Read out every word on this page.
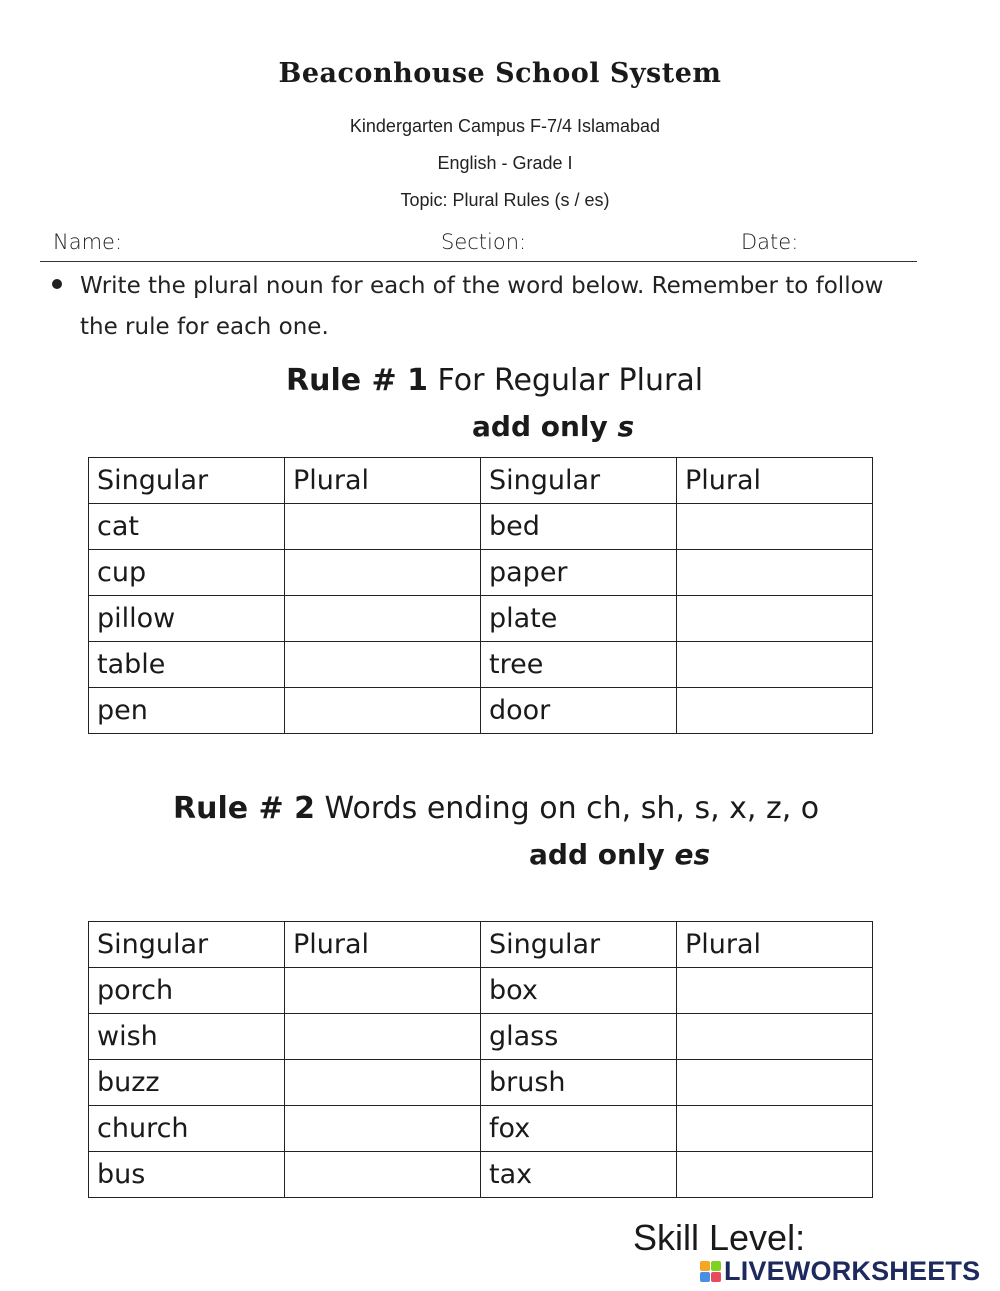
Beaconhouse School System
Kindergarten Campus F-7/4 Islamabad
English - Grade I
Topic: Plural Rules (s / es)
Name:	Section:	Date:
Write the plural noun for each of the word below. Remember to follow the rule for each one.
Rule # 1 For Regular Plural
add only s
Singular	Plural	Singular	Plural
cat		bed	
cup		paper	
pillow		plate	
table		tree	
pen		door	
Rule # 2 Words ending on ch, sh, s, x, z, o
add only es
Singular	Plural	Singular	Plural
porch		box	
wish		glass	
buzz		brush	
church		fox	
bus		tax	
Skill Level:
LIVEWORKSHEETS
